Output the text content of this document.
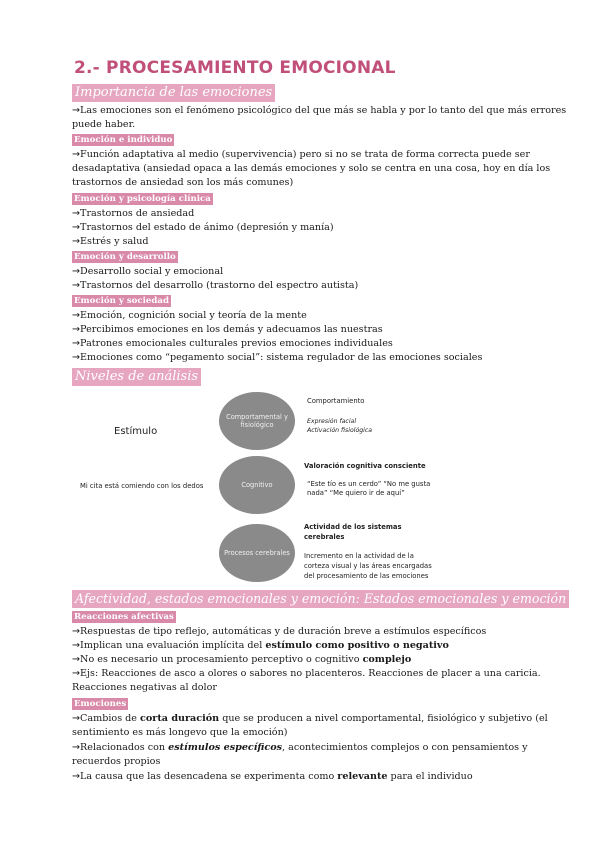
2.- PROCESAMIENTO EMOCIONAL
Importancia de las emociones
→Las emociones son el fenómeno psicológico del que más se habla y por lo tanto del que más errores
puede haber.
Emoción e individuo
→Función adaptativa al medio (supervivencia) pero si no se trata de forma correcta puede ser
desadaptativa (ansiedad opaca a las demás emociones y solo se centra en una cosa, hoy en día los
trastornos de ansiedad son los más comunes)
Emoción y psicología clínica
→Trastornos de ansiedad
→Trastornos del estado de ánimo (depresión y manía)
→Estrés y salud
Emoción y desarrollo
→Desarrollo social y emocional
→Trastornos del desarrollo (trastorno del espectro autista)
Emoción y sociedad
→Emoción, cognición social y teoría de la mente
→Percibimos emociones en los demás y adecuamos las nuestras
→Patrones emocionales culturales previos emociones individuales
→Emociones como “pegamento social”: sistema regulador de las emociones sociales
Niveles de análisis
Estímulo
Mi cita está comiendo con los dedos
Comportamental y fisiológico
Cognitivo
Procesos cerebrales
Comportamiento
Expresión facial
Activación fisiológica
Valoración cognitiva consciente
“Este tío es un cerdo” “No me gusta
nada” “Me quiero ir de aquí”
Actividad de los sistemas
cerebrales
Incremento en la actividad de la
corteza visual y las áreas encargadas
del procesamiento de las emociones
Afectividad, estados emocionales y emoción: Estados emocionales y emoción
Reacciones afectivas
→Respuestas de tipo reflejo, automáticas y de duración breve a estímulos específicos
→Implican una evaluación implícita del estímulo como positivo o negativo
→No es necesario un procesamiento perceptivo o cognitivo complejo
→Ejs: Reacciones de asco a olores o sabores no placenteros. Reacciones de placer a una caricia.
Reacciones negativas al dolor
Emociones
→Cambios de corta duración que se producen a nivel comportamental, fisiológico y subjetivo (el
sentimiento es más longevo que la emoción)
→Relacionados con estímulos específicos, acontecimientos complejos o con pensamientos y
recuerdos propios
→La causa que las desencadena se experimenta como relevante para el individuo
